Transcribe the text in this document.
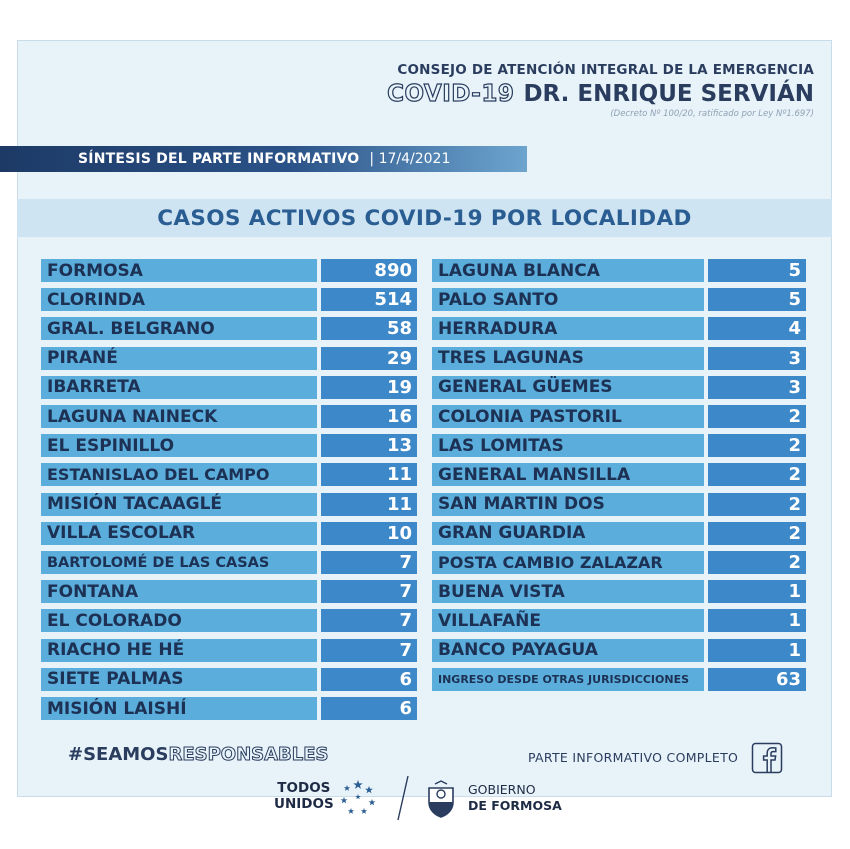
CONSEJO DE ATENCIÓN INTEGRAL DE LA EMERGENCIA
COVID-19 DR. ENRIQUE SERVIÁN
(Decreto Nº 100/20, ratificado por Ley Nº1.697)
SÍNTESIS DEL PARTE INFORMATIVO | 17/4/2021
CASOS ACTIVOS COVID-19 POR LOCALIDAD
FORMOSA	890
CLORINDA	514
GRAL. BELGRANO	58
PIRANÉ	29
IBARRETA	19
LAGUNA NAINECK	16
EL ESPINILLO	13
ESTANISLAO DEL CAMPO	11
MISIÓN TACAAGLÉ	11
VILLA ESCOLAR	10
BARTOLOMÉ DE LAS CASAS	7
FONTANA	7
EL COLORADO	7
RIACHO HE HÉ	7
SIETE PALMAS	6
MISIÓN LAISHÍ	6
LAGUNA BLANCA	5
PALO SANTO	5
HERRADURA	4
TRES LAGUNAS	3
GENERAL GÜEMES	3
COLONIA PASTORIL	2
LAS LOMITAS	2
GENERAL MANSILLA	2
SAN MARTIN DOS	2
GRAN GUARDIA	2
POSTA CAMBIO ZALAZAR	2
BUENA VISTA	1
VILLAFAÑE	1
BANCO PAYAGUA	1
INGRESO DESDE OTRAS JURISDICCIONES	63
#SEAMOSRESPONSABLES	PARTE INFORMATIVO COMPLETO
TODOS
UNIDOS
GOBIERNO
DE FORMOSA
